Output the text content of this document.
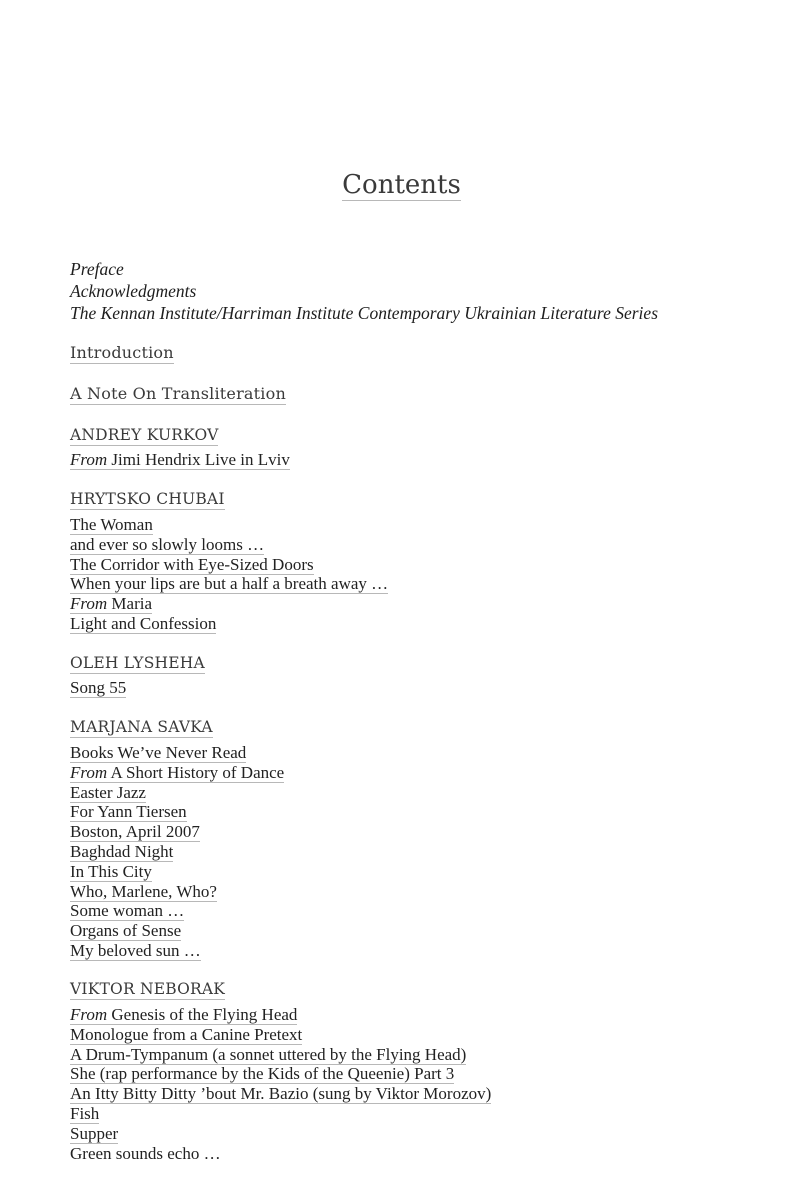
Contents
Preface
Acknowledgments
The Kennan Institute/Harriman Institute Contemporary Ukrainian Literature Series
Introduction
A Note On Transliteration
ANDREY KURKOV
From Jimi Hendrix Live in Lviv
HRYTSKO CHUBAI
The Woman
and ever so slowly looms …
The Corridor with Eye-Sized Doors
When your lips are but a half a breath away …
From Maria
Light and Confession
OLEH LYSHEHA
Song 55
MARJANA SAVKA
Books We’ve Never Read
From A Short History of Dance
Easter Jazz
For Yann Tiersen
Boston, April 2007
Baghdad Night
In This City
Who, Marlene, Who?
Some woman …
Organs of Sense
My beloved sun …
VIKTOR NEBORAK
From Genesis of the Flying Head
Monologue from a Canine Pretext
A Drum-Tympanum (a sonnet uttered by the Flying Head)
She (rap performance by the Kids of the Queenie) Part 3
An Itty Bitty Ditty ’bout Mr. Bazio (sung by Viktor Morozov)
Fish
Supper
Green sounds echo …
